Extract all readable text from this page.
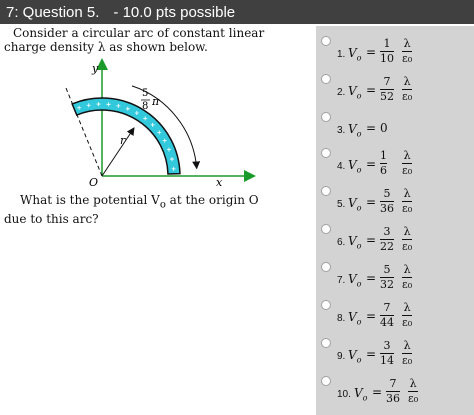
7: Question 5. - 10.0 pts possible
Consider a circular arc of constant linear
charge density λ as shown below.
y
x
O
r
5
8 π
What is the potential $V_o$ at the origin O
due to this arc?
1. $V_o = \frac{1}{10} \frac{\lambda}{\text{ε₀}}$
2. $V_o = \frac{7}{52} \frac{\lambda}{\text{ε₀}}$
3. $V_o = 0$
4. $V_o = \frac{1}{6} \frac{\lambda}{\text{ε₀}}$
5. $V_o = \frac{5}{36} \frac{\lambda}{\text{ε₀}}$
6. $V_o = \frac{3}{22} \frac{\lambda}{\text{ε₀}}$
7. $V_o = \frac{5}{32} \frac{\lambda}{\text{ε₀}}$
8. $V_o = \frac{7}{44} \frac{\lambda}{\text{ε₀}}$
9. $V_o = \frac{3}{14} \frac{\lambda}{\text{ε₀}}$
10. $V_o = \frac{7}{36} \frac{\lambda}{\text{ε₀}}$
